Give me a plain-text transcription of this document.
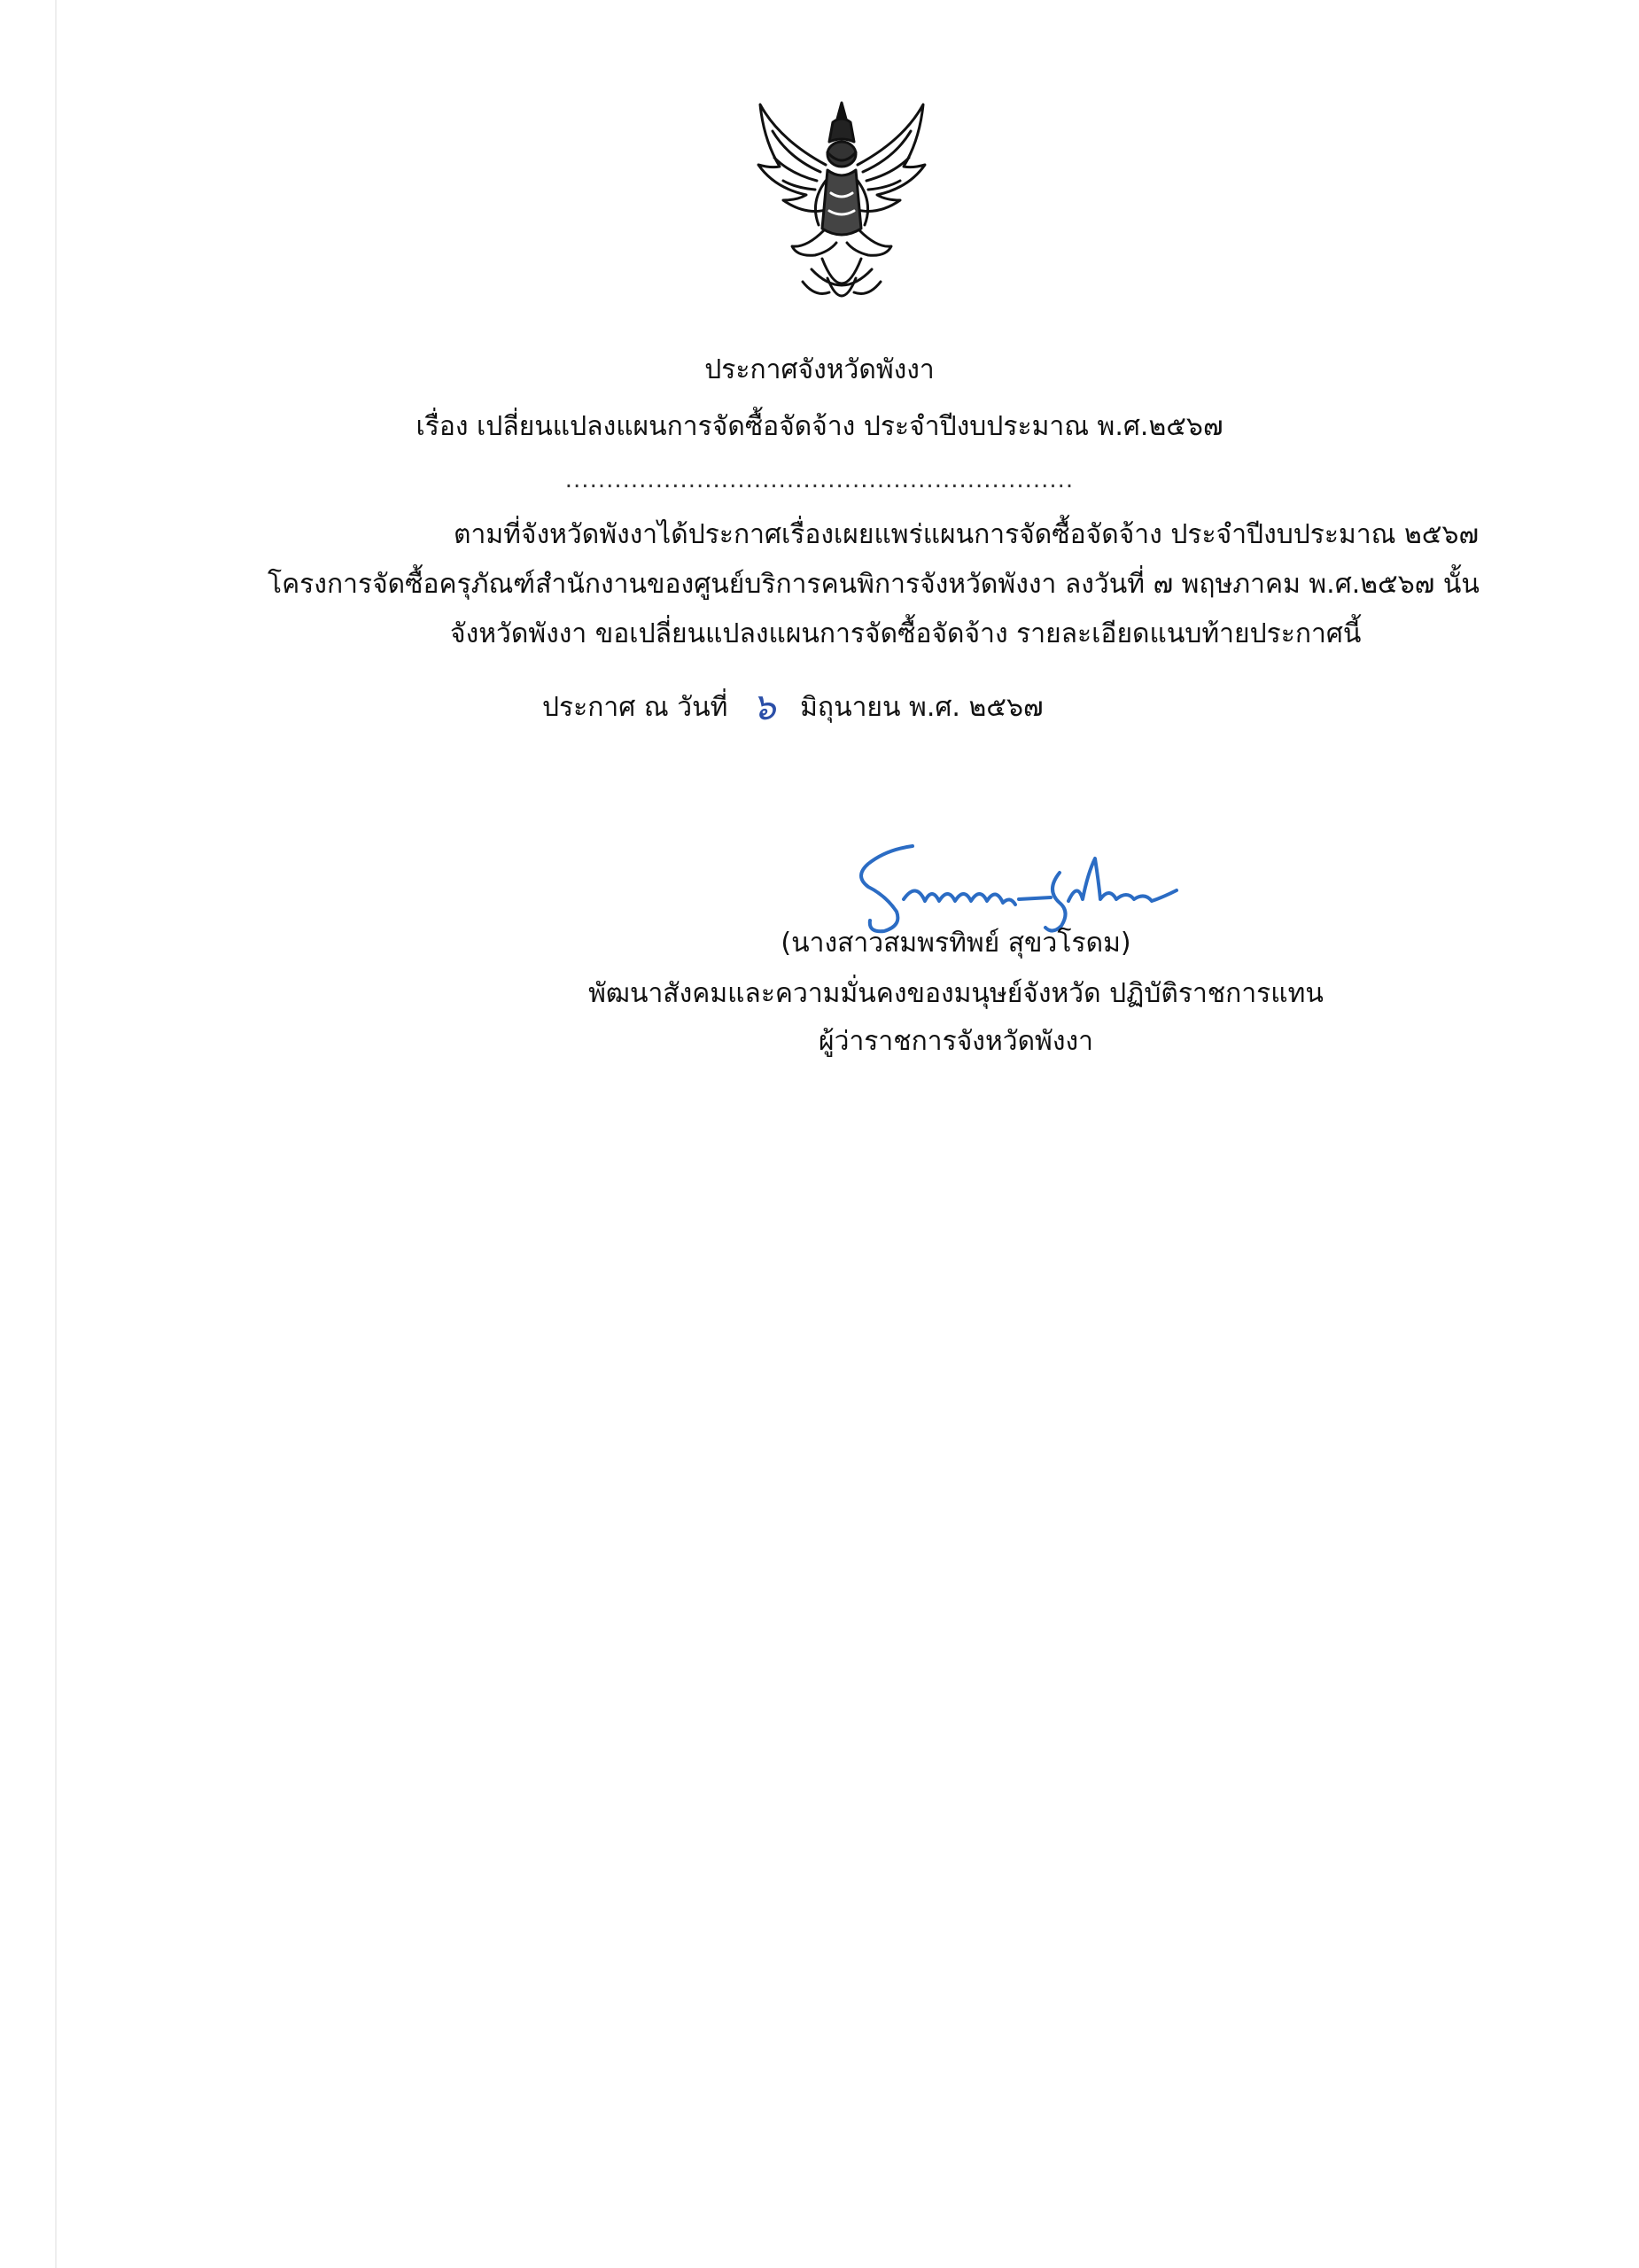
ประกาศจังหวัดพังงา
เรื่อง เปลี่ยนแปลงแผนการจัดซื้อจัดจ้าง ประจำปีงบประมาณ พ.ศ.๒๕๖๗
..............................................................
ตามที่จังหวัดพังงาได้ประกาศเรื่องเผยแพร่แผนการจัดซื้อจัดจ้าง ประจำปีงบประมาณ ๒๕๖๗
โครงการจัดซื้อครุภัณฑ์สำนักงานของศูนย์บริการคนพิการจังหวัดพังงา ลงวันที่ ๗ พฤษภาคม พ.ศ.๒๕๖๗ นั้น
จังหวัดพังงา ขอเปลี่ยนแปลงแผนการจัดซื้อจัดจ้าง รายละเอียดแนบท้ายประกาศนี้
ประกาศ ณ วันที่ ๖ มิถุนายน พ.ศ. ๒๕๖๗
(นางสาวสมพรทิพย์ สุขวโรดม)
พัฒนาสังคมและความมั่นคงของมนุษย์จังหวัด ปฏิบัติราชการแทน
ผู้ว่าราชการจังหวัดพังงา
